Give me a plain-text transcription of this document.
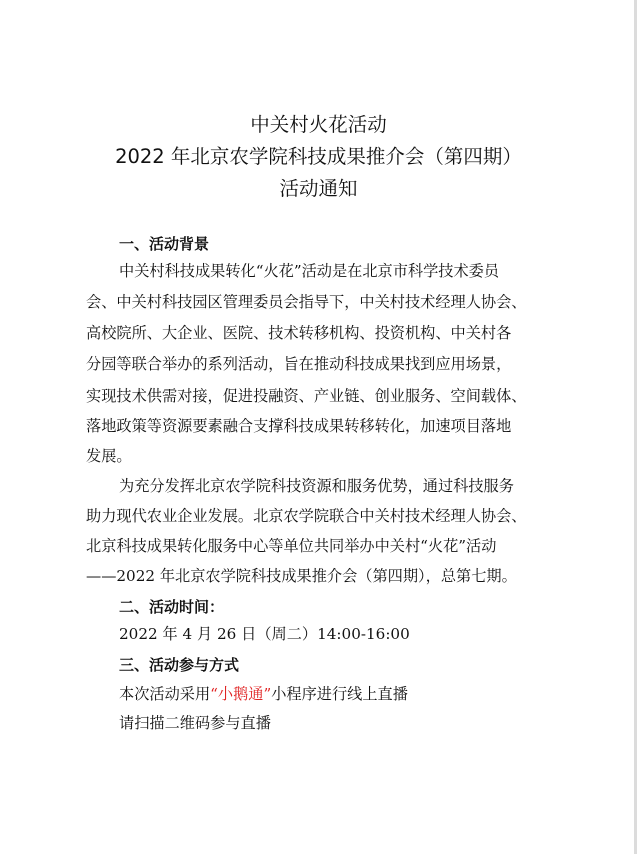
中关村火花活动
2022 年北京农学院科技成果推介会（第四期）
活动通知
一、活动背景
中关村科技成果转化“火花”活动是在北京市科学技术委员
会、中关村科技园区管理委员会指导下，中关村技术经理人协会、
高校院所、大企业、医院、技术转移机构、投资机构、中关村各
分园等联合举办的系列活动，旨在推动科技成果找到应用场景，
实现技术供需对接，促进投融资、产业链、创业服务、空间载体、
落地政策等资源要素融合支撑科技成果转移转化，加速项目落地
发展。
为充分发挥北京农学院科技资源和服务优势，通过科技服务
助力现代农业企业发展。北京农学院联合中关村技术经理人协会、
北京科技成果转化服务中心等单位共同举办中关村“火花”活动
——2022 年北京农学院科技成果推介会（第四期），总第七期。
二、活动时间：
2022 年 4 月 26 日（周二）14:00-16:00
三、活动参与方式
本次活动采用“小鹅通”小程序进行线上直播
请扫描二维码参与直播
